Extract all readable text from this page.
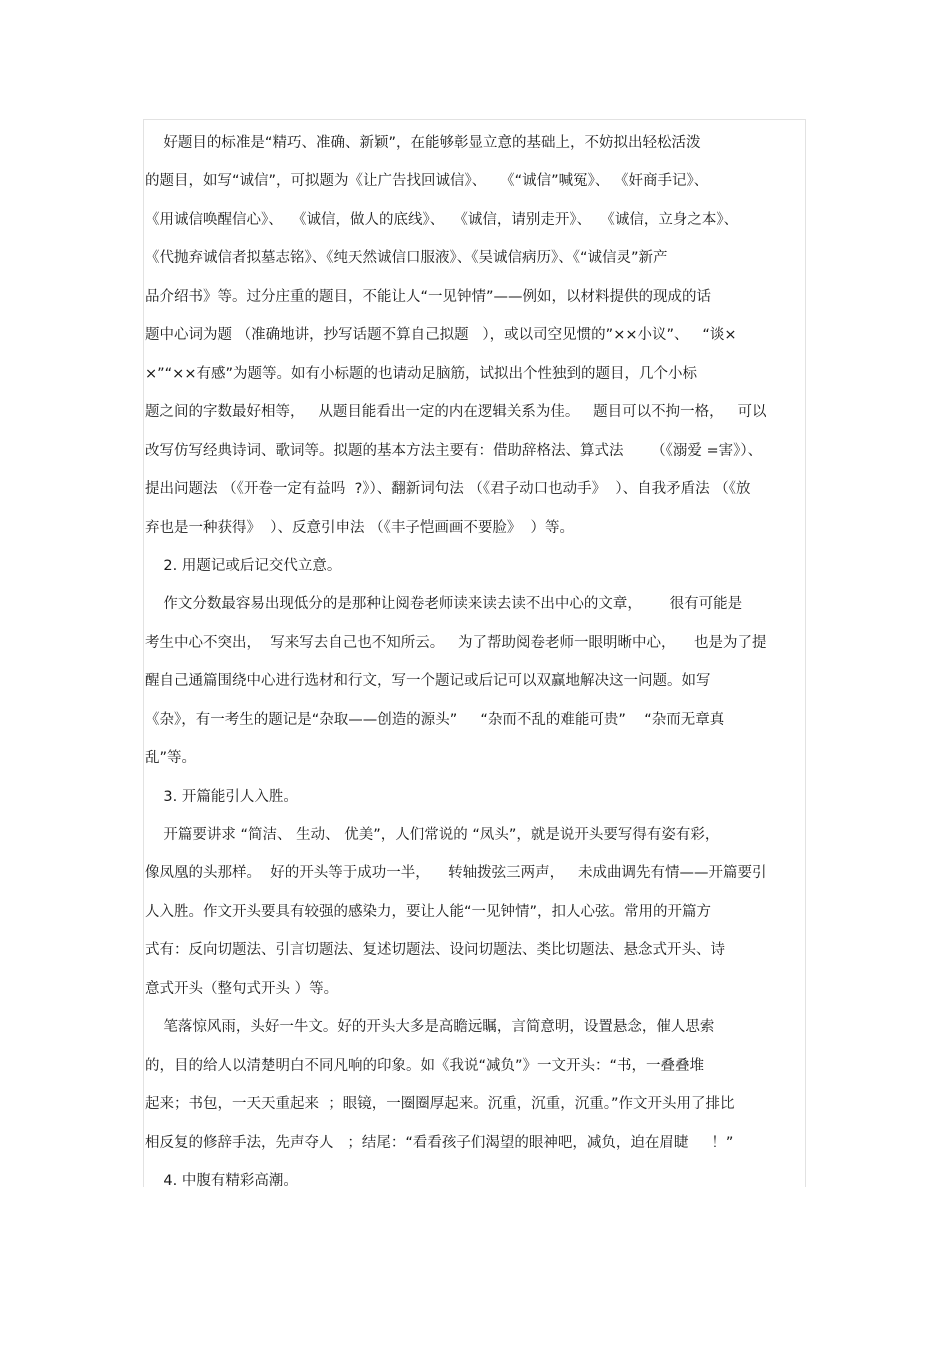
好题目的标准是“精巧、准确、新颖”，在能够彰显立意的基础上，不妨拟出轻松活泼
的题目，如写“诚信”，可拟题为《让广告找回诚信》、   《“诚信”喊冤》、 《奸商手记》、
《用诚信唤醒信心》、  《诚信，做人的底线》、  《诚信，请别走开》、  《诚信，立身之本》、
《代抛弃诚信者拟墓志铭》、《纯天然诚信口服液》、《吴诚信病历》、《“诚信灵”新产
品介绍书》等。过分庄重的题目，不能让人“一见钟情”——例如，以材料提供的现成的话
题中心词为题 （准确地讲，抄写话题不算自己拟题   ），或以司空见惯的”××小议”、   “谈×
×”“××有感”为题等。如有小标题的也请动足脑筋，试拟出个性独到的题目，几个小标
题之间的字数最好相等，   从题目能看出一定的内在逻辑关系为佳。   题目可以不拘一格，   可以
改写仿写经典诗词、歌词等。拟题的基本方法主要有：借助辞格法、算式法      （《溺爱 =害》）、
提出问题法 （《开卷一定有益吗  ?》）、翻新词句法 （《君子动口也动手》  ）、自我矛盾法 （《放
弃也是一种获得》  ）、反意引申法 （《丰子恺画画不要脸》  ）等。
2. 用题记或后记交代立意。
作文分数最容易出现低分的是那种让阅卷老师读来读去读不出中心的文章，      很有可能是
考生中心不突出，  写来写去自己也不知所云。   为了帮助阅卷老师一眼明晰中心，    也是为了提
醒自己通篇围绕中心进行选材和行文，写一个题记或后记可以双赢地解决这一问题。如写
《杂》，有一考生的题记是“杂取——创造的源头”     “杂而不乱的难能可贵”    “杂而无章真
乱”等。
3. 开篇能引人入胜。
开篇要讲求 “简洁、 生动、 优美”，人们常说的 “凤头”，就是说开头要写得有姿有彩，
像凤凰的头那样。  好的开头等于成功一半，    转轴拨弦三两声，   未成曲调先有情——开篇要引
人入胜。作文开头要具有较强的感染力，要让人能“一见钟情”，扣人心弦。常用的开篇方
式有：反向切题法、引言切题法、复述切题法、设问切题法、类比切题法、悬念式开头、诗
意式开头（整句式开头 ）等。
笔落惊风雨，头好一牛文。好的开头大多是高瞻远瞩，言简意明，设置悬念，催人思索
的，目的给人以清楚明白不同凡响的印象。如《我说“减负”》一文开头：“书，一叠叠堆
起来；书包，一天天重起来  ；眼镜，一圈圈厚起来。沉重，沉重，沉重。”作文开头用了排比
相反复的修辞手法，先声夺人   ；结尾：“看看孩子们渴望的眼神吧，减负，迫在眉睫     ！”
4. 中腹有精彩高潮。
